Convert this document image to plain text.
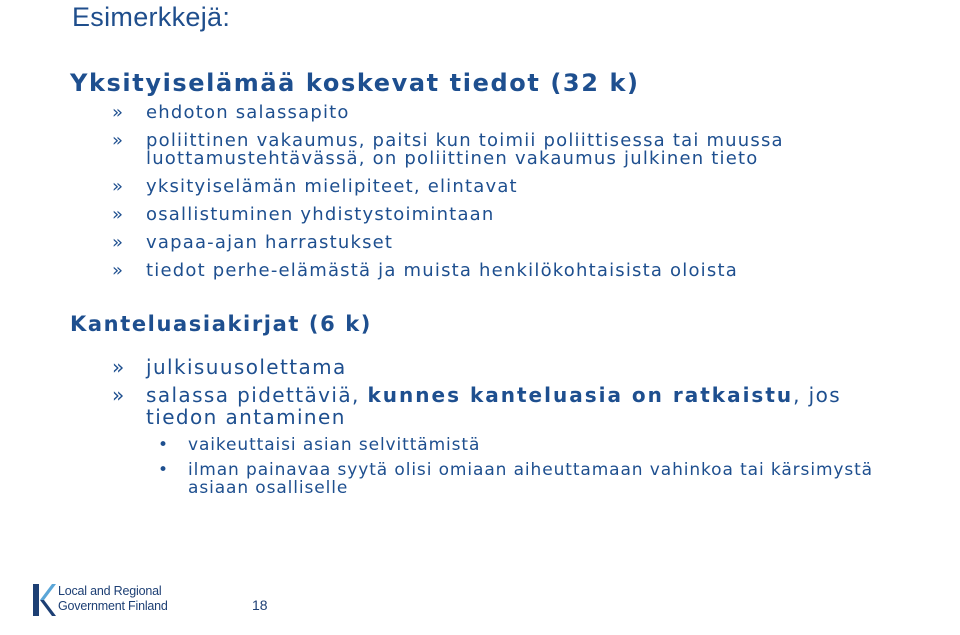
Esimerkkejä:
Yksityiselämää koskevat tiedot (32 k)
» ehdoton salassapito
» poliittinen vakaumus, paitsi kun toimii poliittisessa tai muussa luottamustehtävässä, on poliittinen vakaumus julkinen tieto
» yksityiselämän mielipiteet, elintavat
» osallistuminen yhdistystoimintaan
» vapaa-ajan harrastukset
» tiedot perhe-elämästä ja muista henkilökohtaisista oloista
Kanteluasiakirjat (6 k)
» julkisuusolettama
» salassa pidettäviä, kunnes kanteluasia on ratkaistu, jos tiedon antaminen
• vaikeuttaisi asian selvittämistä
• ilman painavaa syytä olisi omiaan aiheuttamaan vahinkoa tai kärsimystä asiaan osalliselle
Local and Regional
Government Finland	18
